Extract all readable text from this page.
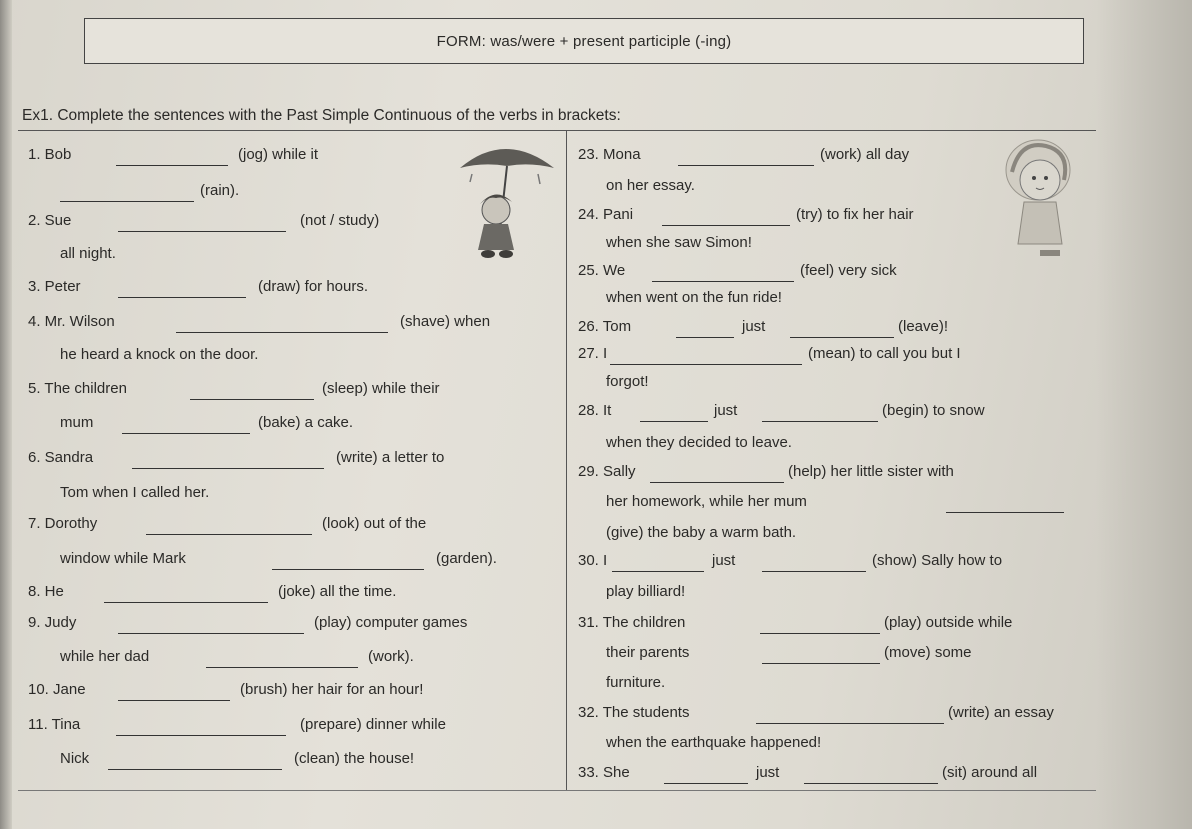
FORM: was/were + present participle (-ing)
Ex1. Complete the sentences with the Past Simple Continuous of the verbs in brackets:
1. Bob	(jog) while it
(rain).
2. Sue	(not / study)
all night.
3. Peter	(draw) for hours.
4. Mr. Wilson	(shave) when
he heard a knock on the door.
5. The children	(sleep) while their
mum	(bake) a cake.
6. Sandra	(write) a letter to
Tom when I called her.
7. Dorothy	(look) out of the
window while Mark	(garden).
8. He	(joke) all the time.
9. Judy	(play) computer games
while her dad	(work).
10. Jane	(brush) her hair for an hour!
11. Tina	(prepare) dinner while
Nick	(clean) the house!
23. Mona	(work) all day
on her essay.
24. Pani	(try) to fix her hair
when she saw Simon!
25. We	(feel) very sick
when went on the fun ride!
26. Tom	just	(leave)!
27. I	(mean) to call you but I
forgot!
28. It	just	(begin) to snow
when they decided to leave.
29. Sally	(help) her little sister with
her homework, while her mum
(give) the baby a warm bath.
30. I	just	(show) Sally how to
play billiard!
31. The children	(play) outside while
their parents	(move) some
furniture.
32. The students	(write) an essay
when the earthquake happened!
33. She	just	(sit) around all
